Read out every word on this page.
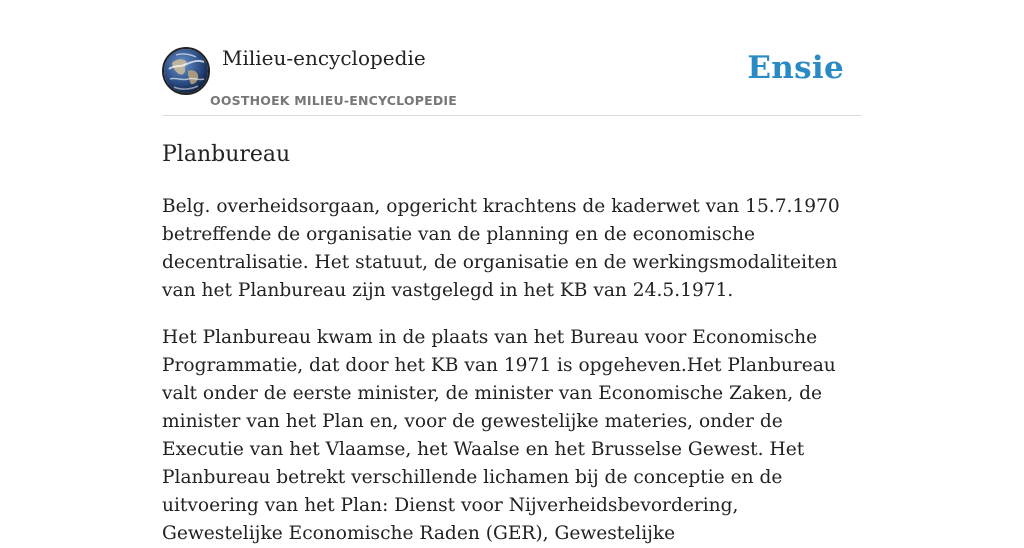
Milieu-encyclopedie
OOSTHOEK MILIEU-ENCYCLOPEDIE
Ensie
Planbureau

Belg. overheidsorgaan, opgericht krachtens de kaderwet van 15.7.1970 betreffende de organisatie van de planning en de economische decentralisatie. Het statuut, de organisatie en de werkingsmodaliteiten van het Planbureau zijn vastgelegd in het KB van 24.5.1971.

Het Planbureau kwam in de plaats van het Bureau voor Economische Programmatie, dat door het KB van 1971 is opgeheven.Het Planbureau valt onder de eerste minister, de minister van Economische Zaken, de minister van het Plan en, voor de gewestelijke materies, onder de Executie van het Vlaamse, het Waalse en het Brusselse Gewest. Het Planbureau betrekt verschillende lichamen bij de conceptie en de uitvoering van het Plan: Dienst voor Nijverheidsbevordering, Gewestelijke Economische Raden (GER), Gewestelijke
